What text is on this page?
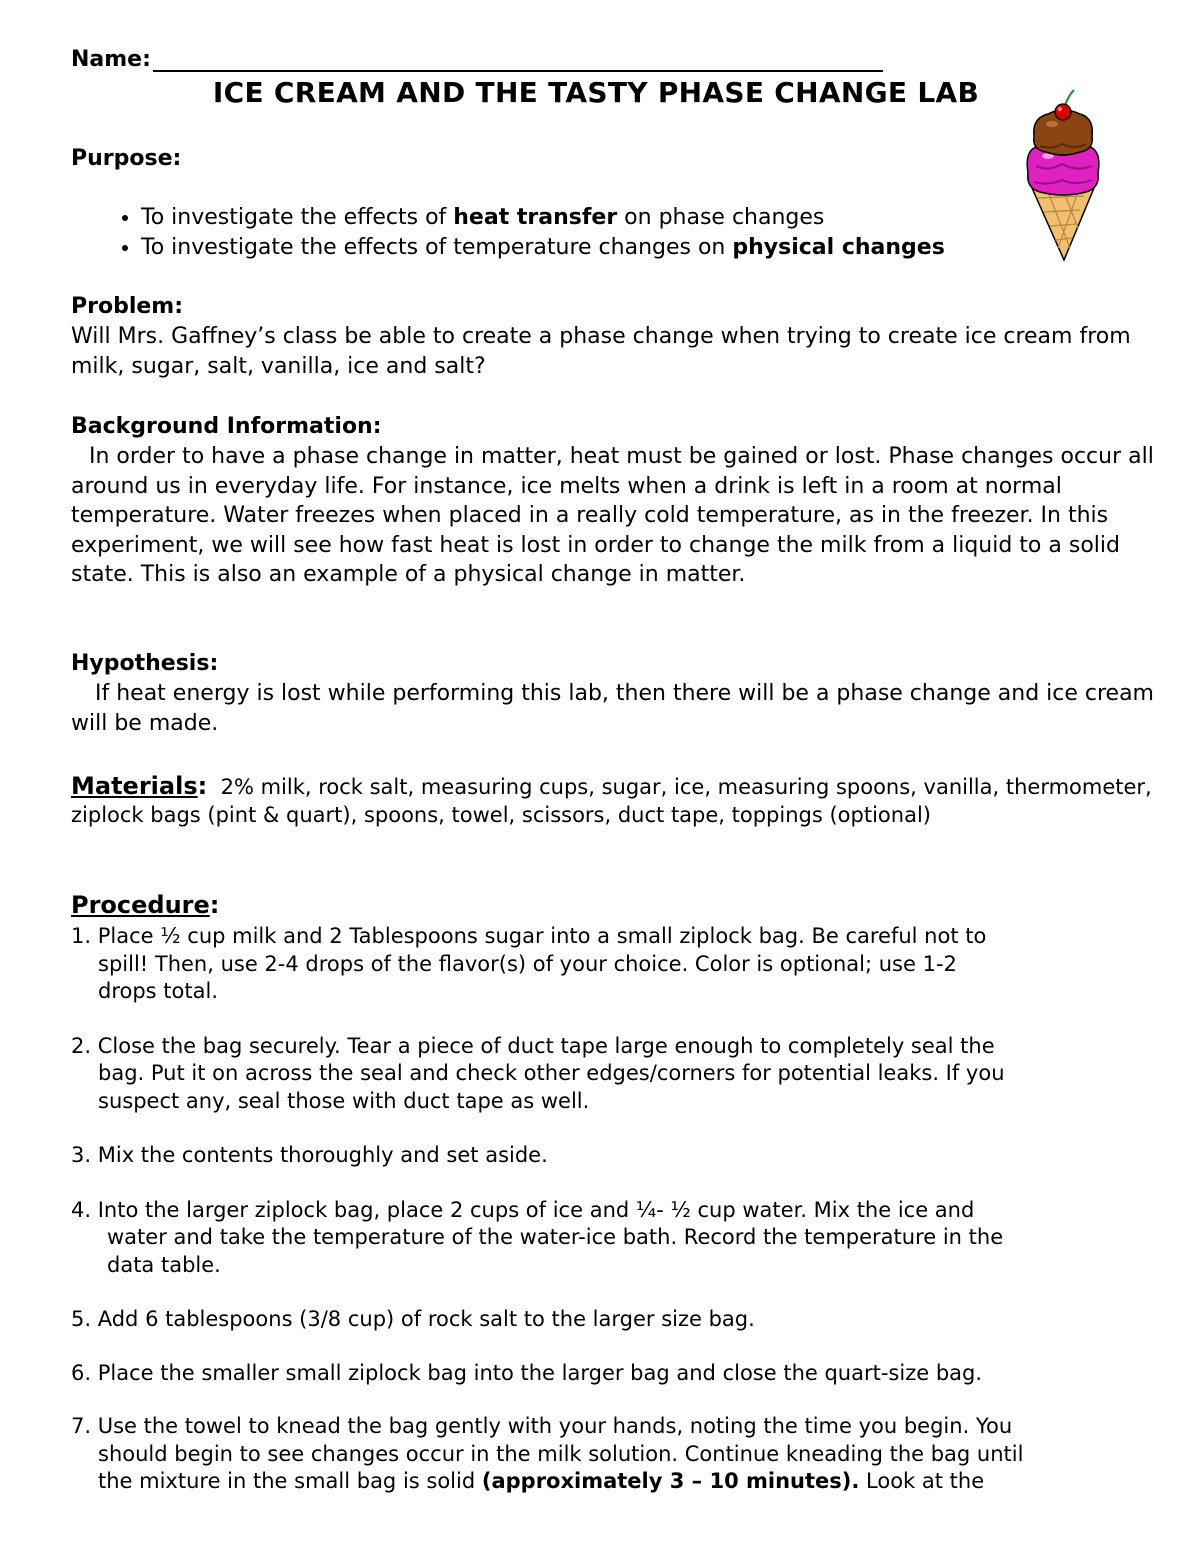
Name:
ICE CREAM AND THE TASTY PHASE CHANGE LAB
Purpose:
• To investigate the effects of heat transfer on phase changes
• To investigate the effects of temperature changes on physical changes
Problem:
Will Mrs. Gaffney’s class be able to create a phase change when trying to create ice cream from milk, sugar, salt, vanilla, ice and salt?
Background Information:
In order to have a phase change in matter, heat must be gained or lost. Phase changes occur all around us in everyday life. For instance, ice melts when a drink is left in a room at normal temperature. Water freezes when placed in a really cold temperature, as in the freezer. In this experiment, we will see how fast heat is lost in order to change the milk from a liquid to a solid state. This is also an example of a physical change in matter.
Hypothesis:
If heat energy is lost while performing this lab, then there will be a phase change and ice cream will be made.
Materials: 2% milk, rock salt, measuring cups, sugar, ice, measuring spoons, vanilla, thermometer, ziplock bags (pint & quart), spoons, towel, scissors, duct tape, toppings (optional)
Procedure:
1. Place ½ cup milk and 2 Tablespoons sugar into a small ziplock bag. Be careful not to
spill! Then, use 2-4 drops of the flavor(s) of your choice. Color is optional; use 1-2
drops total.
2. Close the bag securely. Tear a piece of duct tape large enough to completely seal the
bag. Put it on across the seal and check other edges/corners for potential leaks. If you
suspect any, seal those with duct tape as well.
3. Mix the contents thoroughly and set aside.
4. Into the larger ziplock bag, place 2 cups of ice and ¼- ½ cup water. Mix the ice and
water and take the temperature of the water-ice bath. Record the temperature in the
data table.
5. Add 6 tablespoons (3/8 cup) of rock salt to the larger size bag.
6. Place the smaller small ziplock bag into the larger bag and close the quart-size bag.
7. Use the towel to knead the bag gently with your hands, noting the time you begin. You
should begin to see changes occur in the milk solution. Continue kneading the bag until
the mixture in the small bag is solid (approximately 3 – 10 minutes). Look at the
